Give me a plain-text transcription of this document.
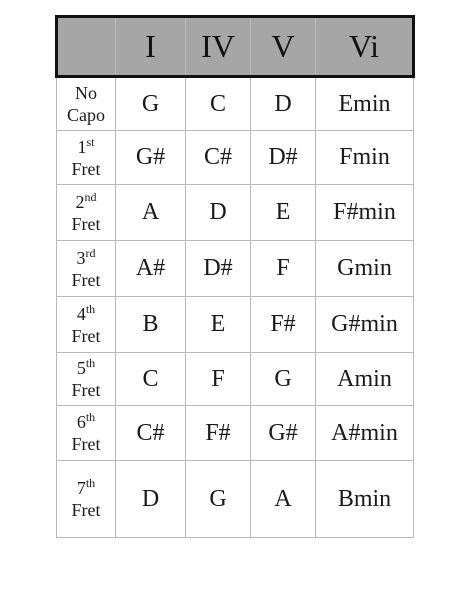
	I	IV	V	Vi
No
Capo	G	C	D	Emin
1st
Fret	G#	C#	D#	Fmin
2nd
Fret	A	D	E	F#min
3rd
Fret	A#	D#	F	Gmin
4th
Fret	B	E	F#	G#min
5th
Fret	C	F	G	Amin
6th
Fret	C#	F#	G#	A#min
7th
Fret	D	G	A	Bmin
